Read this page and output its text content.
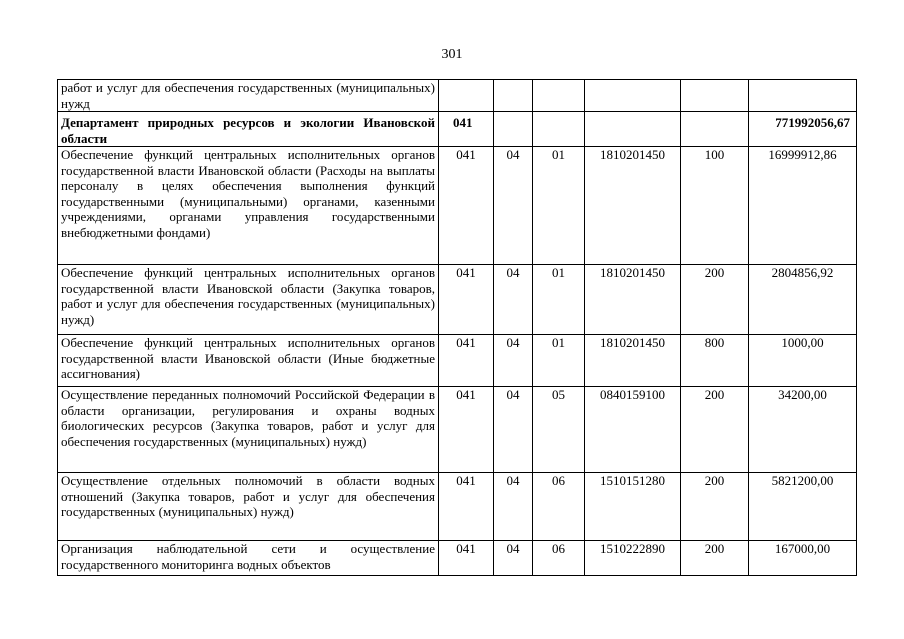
301
работ и услуг для обеспечения государственных (муниципальных) нужд						
Департамент природных ресурсов и экологии Ивановской области	041					771992056,67
Обеспечение функций центральных исполнительных органов государственной власти Ивановской области (Расходы на выплаты персоналу в целях обеспечения выполнения функций государственными (муниципальными) органами, казенными учреждениями, органами управления государственными внебюджетными фондами)	041	04	01	1810201450	100	16999912,86
Обеспечение функций центральных исполнительных органов государственной власти Ивановской области (Закупка товаров, работ и услуг для обеспечения государственных (муниципальных) нужд)	041	04	01	1810201450	200	2804856,92
Обеспечение функций центральных исполнительных органов государственной власти Ивановской области (Иные бюджетные ассигнования)	041	04	01	1810201450	800	1000,00
Осуществление переданных полномочий Российской Федерации в области организации, регулирования и охраны водных биологических ресурсов (Закупка товаров, работ и услуг для обеспечения государственных (муниципальных) нужд)	041	04	05	0840159100	200	34200,00
Осуществление отдельных полномочий в области водных отношений (Закупка товаров, работ и услуг для обеспечения государственных (муниципальных) нужд)	041	04	06	1510151280	200	5821200,00
Организация наблюдательной сети и осуществление государственного мониторинга водных объектов	041	04	06	1510222890	200	167000,00
